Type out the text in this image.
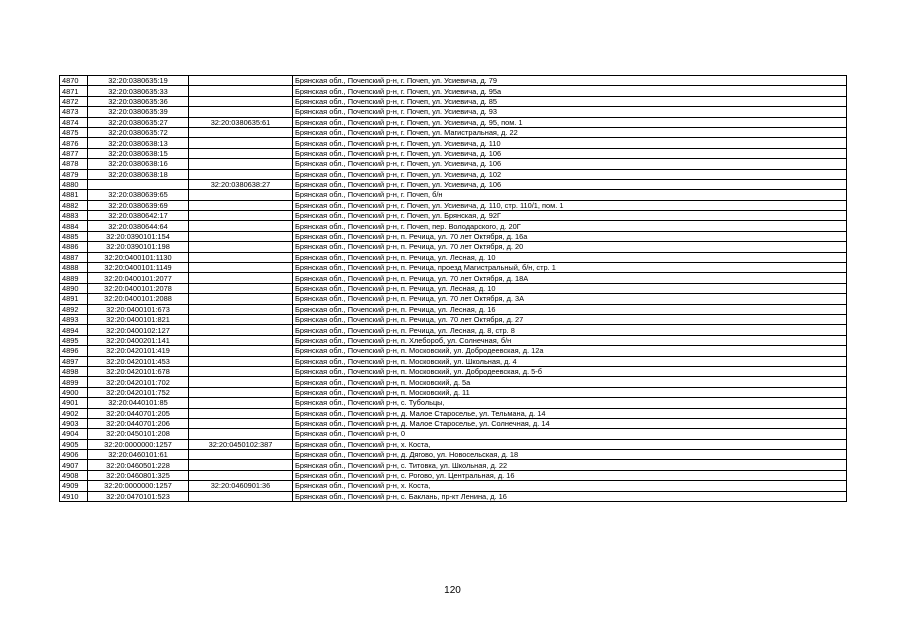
4870	32:20:0380635:19		Брянская обл., Почепский р-н, г. Почеп, ул. Усиевича, д. 79
4871	32:20:0380635:33		Брянская обл., Почепский р-н, г. Почеп, ул. Усиевича, д. 95а
4872	32:20:0380635:36		Брянская обл., Почепский р-н, г. Почеп, ул. Усиевича, д. 85
4873	32:20:0380635:39		Брянская обл., Почепский р-н, г. Почеп, ул. Усиевича, д. 93
4874	32:20:0380635:27	32:20:0380635:61	Брянская обл., Почепский р-н, г. Почеп, ул. Усиевича, д. 95, пом. 1
4875	32:20:0380635:72		Брянская обл., Почепский р-н, г. Почеп, ул. Магистральная, д. 22
4876	32:20:0380638:13		Брянская обл., Почепский р-н, г. Почеп, ул. Усиевича, д. 110
4877	32:20:0380638:15		Брянская обл., Почепский р-н, г. Почеп, ул. Усиевича, д. 106
4878	32:20:0380638:16		Брянская обл., Почепский р-н, г. Почеп, ул. Усиевича, д. 106
4879	32:20:0380638:18		Брянская обл., Почепский р-н, г. Почеп, ул. Усиевича, д. 102
4880		32:20:0380638:27	Брянская обл., Почепский р-н, г. Почеп, ул. Усиевича, д. 106
4881	32:20:0380639:65		Брянская обл., Почепский р-н, г. Почеп, б/н
4882	32:20:0380639:69		Брянская обл., Почепский р-н, г. Почеп, ул. Усиевича, д. 110, стр. 110/1, пом. 1
4883	32:20:0380642:17		Брянская обл., Почепский р-н, г. Почеп, ул. Брянская, д. 92Г
4884	32:20:0380644:64		Брянская обл., Почепский р-н, г. Почеп, пер. Володарского, д. 20Г
4885	32:20:0390101:154		Брянская обл., Почепский р-н, п. Речица, ул. 70 лет Октября, д. 16а
4886	32:20:0390101:198		Брянская обл., Почепский р-н, п. Речица, ул. 70 лет Октября, д. 20
4887	32:20:0400101:1130		Брянская обл., Почепский р-н, п. Речица, ул. Лесная, д. 10
4888	32:20:0400101:1149		Брянская обл., Почепский р-н, п. Речица, проезд Магистральный, б/н, стр. 1
4889	32:20:0400101:2077		Брянская обл., Почепский р-н, п. Речица, ул. 70 лет Октября, д. 18А
4890	32:20:0400101:2078		Брянская обл., Почепский р-н, п. Речица, ул. Лесная, д. 10
4891	32:20:0400101:2088		Брянская обл., Почепский р-н, п. Речица, ул. 70 лет Октября, д. 3А
4892	32:20:0400101:673		Брянская обл., Почепский р-н, п. Речица, ул. Лесная, д. 16
4893	32:20:0400101:821		Брянская обл., Почепский р-н, п. Речица, ул. 70 лет Октября, д. 27
4894	32:20:0400102:127		Брянская обл., Почепский р-н, п. Речица, ул. Лесная, д. 8, стр. 8
4895	32:20:0400201:141		Брянская обл., Почепский р-н, п. Хлебороб, ул. Солнечная, б/н
4896	32:20:0420101:419		Брянская обл., Почепский р-н, п. Московский, ул. Добродеевская, д. 12а
4897	32:20:0420101:453		Брянская обл., Почепский р-н, п. Московский, ул. Школьная, д. 4
4898	32:20:0420101:678		Брянская обл., Почепский р-н, п. Московский, ул. Добродеевская, д. 5-б
4899	32:20:0420101:702		Брянская обл., Почепский р-н, п. Московский, д. 5а
4900	32:20:0420101:752		Брянская обл., Почепский р-н, п. Московский, д. 11
4901	32:20:0440101:85		Брянская обл., Почепский р-н, с. Тубольцы,
4902	32:20:0440701:205		Брянская обл., Почепский р-н, д. Малое Староселье, ул. Тельмана, д. 14
4903	32:20:0440701:206		Брянская обл., Почепский р-н, д. Малое Староселье, ул. Солнечная, д. 14
4904	32:20:0450101:208		Брянская обл., Почепский р-н, 0
4905	32:20:0000000:1257	32:20:0450102:387	Брянская обл., Почепский р-н, х. Коста,
4906	32:20:0460101:61		Брянская обл., Почепский р-н, д. Дягово, ул. Новосельская, д. 18
4907	32:20:0460501:228		Брянская обл., Почепский р-н, с. Титовка, ул. Школьная, д. 22
4908	32:20:0460801:325		Брянская обл., Почепский р-н, с. Рогово, ул. Центральная, д. 16
4909	32:20:0000000:1257	32:20:0460901:36	Брянская обл., Почепский р-н, х. Коста,
4910	32:20:0470101:523		Брянская обл., Почепский р-н, с. Баклань, пр-кт Ленина, д. 16
120
